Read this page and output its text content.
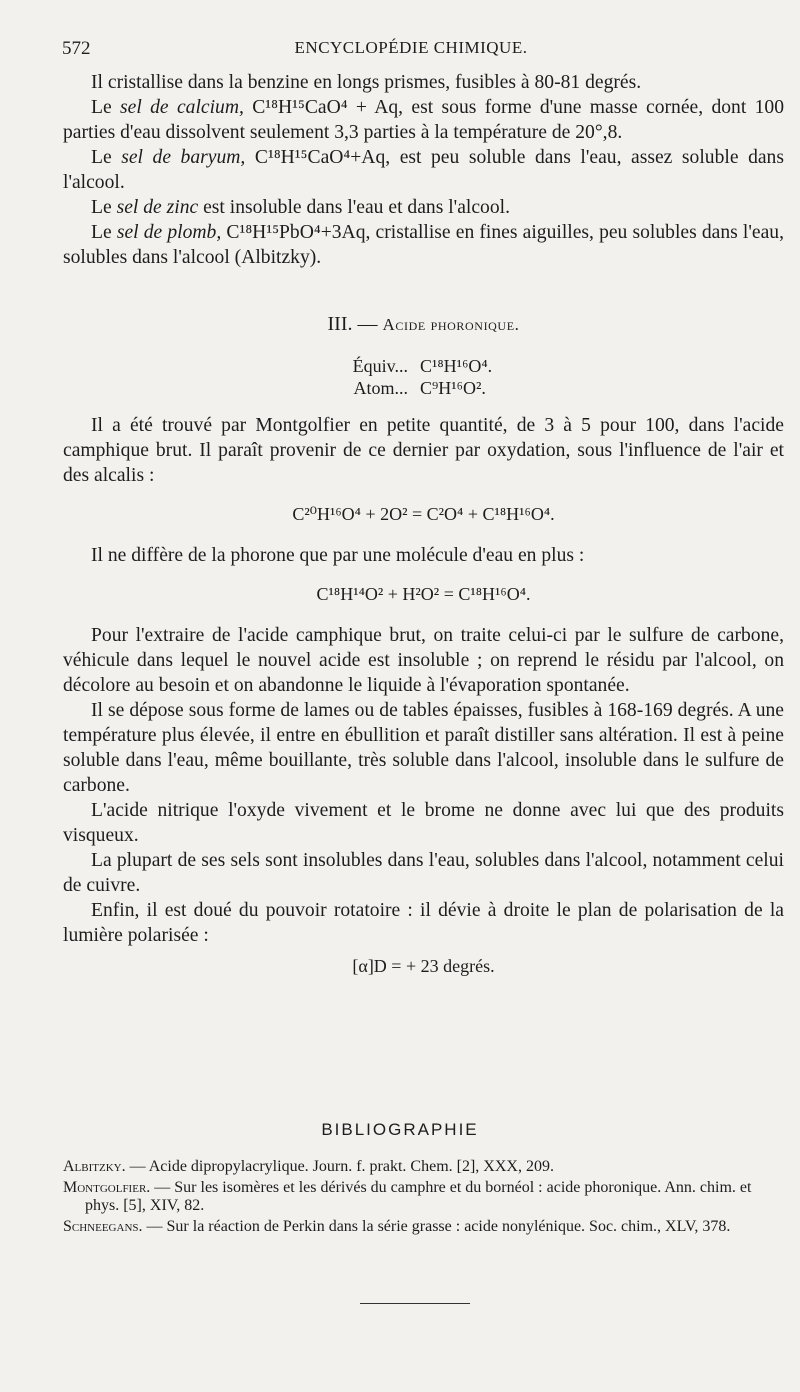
572	ENCYCLOPÉDIE CHIMIQUE.

Il cristallise dans la benzine en longs prismes, fusibles à 80-81 degrés.

Le sel de calcium, C¹⁸H¹⁵CaO⁴ + Aq, est sous forme d'une masse cornée, dont 100 parties d'eau dissolvent seulement 3,3 parties à la température de 20°,8.

Le sel de baryum, C¹⁸H¹⁵CaO⁴+Aq, est peu soluble dans l'eau, assez soluble dans l'alcool.

Le sel de zinc est insoluble dans l'eau et dans l'alcool.

Le sel de plomb, C¹⁸H¹⁵PbO⁴+3Aq, cristallise en fines aiguilles, peu solubles dans l'eau, solubles dans l'alcool (Albitzky).

III. — Acide phoronique.

Équiv... C¹⁸H¹⁶O⁴.
Atom... C⁹H¹⁶O².

Il a été trouvé par Montgolfier en petite quantité, de 3 à 5 pour 100, dans l'acide camphique brut. Il paraît provenir de ce dernier par oxydation, sous l'influence de l'air et des alcalis :

C²⁰H¹⁶O⁴ + 2O² = C²O⁴ + C¹⁸H¹⁶O⁴.

Il ne diffère de la phorone que par une molécule d'eau en plus :

C¹⁸H¹⁴O² + H²O² = C¹⁸H¹⁶O⁴.

Pour l'extraire de l'acide camphique brut, on traite celui-ci par le sulfure de carbone, véhicule dans lequel le nouvel acide est insoluble ; on reprend le résidu par l'alcool, on décolore au besoin et on abandonne le liquide à l'évaporation spontanée.

Il se dépose sous forme de lames ou de tables épaisses, fusibles à 168-169 degrés. A une température plus élevée, il entre en ébullition et paraît distiller sans altération. Il est à peine soluble dans l'eau, même bouillante, très soluble dans l'alcool, insoluble dans le sulfure de carbone.

L'acide nitrique l'oxyde vivement et le brome ne donne avec lui que des produits visqueux.

La plupart de ses sels sont insolubles dans l'eau, solubles dans l'alcool, notamment celui de cuivre.

Enfin, il est doué du pouvoir rotatoire : il dévie à droite le plan de polarisation de la lumière polarisée :

[α]D = + 23 degrés.

BIBLIOGRAPHIE
Albitzky. — Acide dipropylacrylique. Journ. f. prakt. Chem. [2], XXX, 209.
Montgolfier. — Sur les isomères et les dérivés du camphre et du bornéol : acide phoronique. Ann. chim. et phys. [5], XIV, 82.
Schneegans. — Sur la réaction de Perkin dans la série grasse : acide nonylénique. Soc. chim., XLV, 378.
